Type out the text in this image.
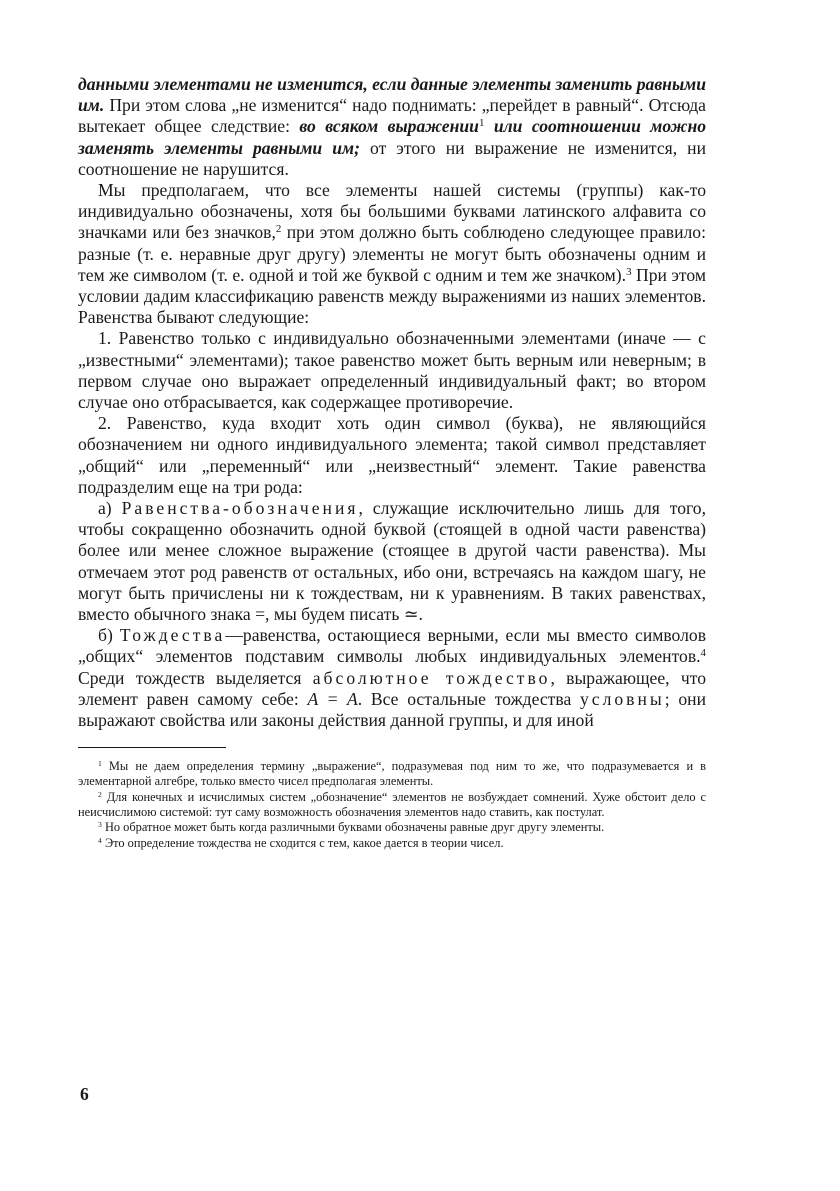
данными элементами не изменится, если данные элементы заменить равными им. При этом слова „не изменится“ надо поднимать: „перейдет в равный“. Отсюда вытекает общее следствие: во всяком выражении$^1$ или соотношении можно заменять элементы равными им; от этого ни выражение не изменится, ни соотношение не нарушится.

Мы предполагаем, что все элементы нашей системы (группы) как-то индивидуально обозначены, хотя бы большими буквами латинского алфавита со значками или без значков,$^2$ при этом должно быть соблюдено следующее правило: разные (т. е. неравные друг другу) элементы не могут быть обозначены одним и тем же символом (т. е. одной и той же буквой с одним и тем же значком).$^3$ При этом условии дадим классификацию равенств между выражениями из наших элементов. Равенства бывают следующие:

1. Равенство только с индивидуально обозначенными элементами (иначе — с „известными“ элементами); такое равенство может быть верным или неверным; в первом случае оно выражает определенный индивидуальный факт; во втором случае оно отбрасывается, как содержащее противоречие.

2. Равенство, куда входит хоть один символ (буква), не являющийся обозначением ни одного индивидуального элемента; такой символ представляет „общий“ или „переменный“ или „неизвестный“ элемент. Такие равенства подразделим еще на три рода:

а) Равенства-обозначения, служащие исключительно лишь для того, чтобы сокращенно обозначить одной буквой (стоящей в одной части равенства) более или менее сложное выражение (стоящее в другой части равенства). Мы отмечаем этот род равенств от остальных, ибо они, встречаясь на каждом шагу, не могут быть причислены ни к тождествам, ни к уравнениям. В таких равенствах, вместо обычного знака =, мы будем писать ≃.

б) Тождества—равенства, остающиеся верными, если мы вместо символов „общих“ элементов подставим символы любых индивидуальных элементов.$^4$ Среди тождеств выделяется абсолютное тождество, выражающее, что элемент равен самому себе: A = A. Все остальные тождества условны; они выражают свойства или законы действия данной группы, и для иной

$^1$ Мы не даем определения термину „выражение“, подразумевая под ним то же, что подразумевается и в элементарной алгебре, только вместо чисел предполагая элементы.

$^2$ Для конечных и исчислимых систем „обозначение“ элементов не возбуждает сомнений. Хуже обстоит дело с неисчислимою системой: тут саму возможность обозначения элементов надо ставить, как постулат.

$^3$ Но обратное может быть когда различными буквами обозначены равные друг другу элементы.

$^4$ Это определение тождества не сходится с тем, какое дается в теории чисел.

6
